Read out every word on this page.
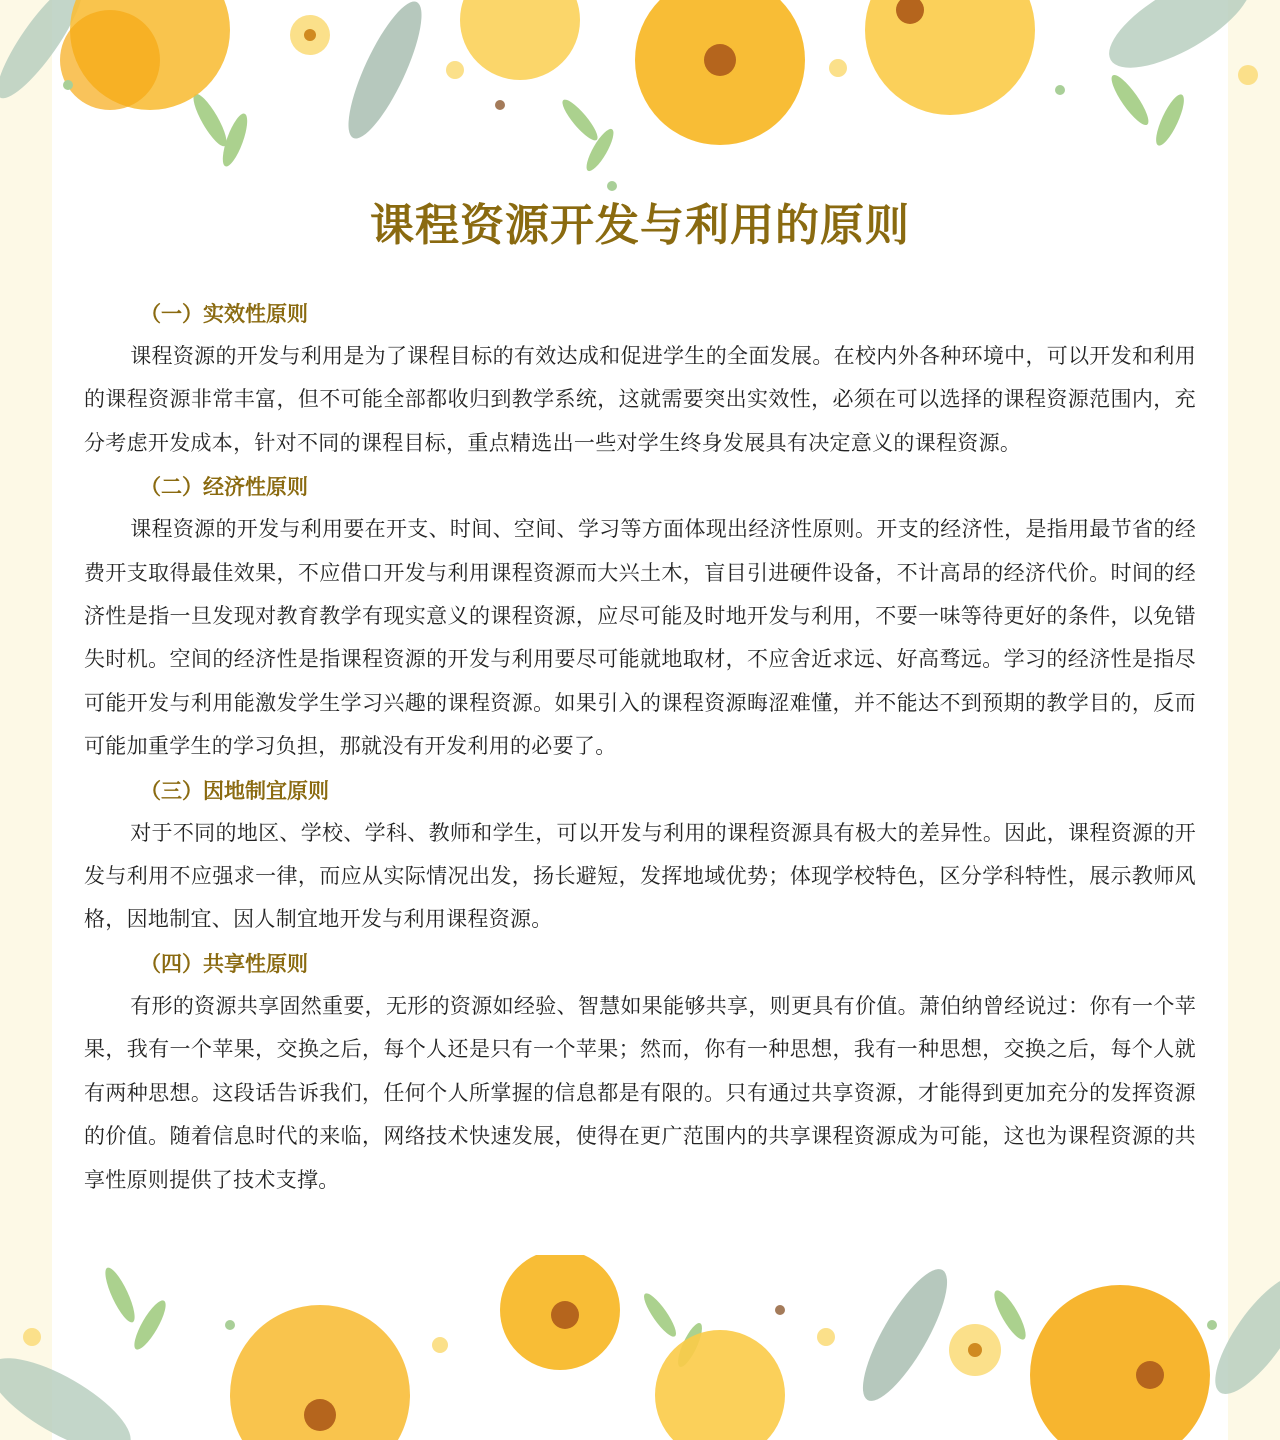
课程资源开发与利用的原则
（一）实效性原则

课程资源的开发与利用是为了课程目标的有效达成和促进学生的全面发展。在校内外各种环境中，可以开发和利用的课程资源非常丰富，但不可能全部都收归到教学系统，这就需要突出实效性，必须在可以选择的课程资源范围内，充分考虑开发成本，针对不同的课程目标，重点精选出一些对学生终身发展具有决定意义的课程资源。

（二）经济性原则

课程资源的开发与利用要在开支、时间、空间、学习等方面体现出经济性原则。开支的经济性，是指用最节省的经费开支取得最佳效果，不应借口开发与利用课程资源而大兴土木，盲目引进硬件设备，不计高昂的经济代价。时间的经济性是指一旦发现对教育教学有现实意义的课程资源，应尽可能及时地开发与利用，不要一味等待更好的条件，以免错失时机。空间的经济性是指课程资源的开发与利用要尽可能就地取材，不应舍近求远、好高骛远。学习的经济性是指尽可能开发与利用能激发学生学习兴趣的课程资源。如果引入的课程资源晦涩难懂，并不能达不到预期的教学目的，反而可能加重学生的学习负担，那就没有开发利用的必要了。

（三）因地制宜原则

对于不同的地区、学校、学科、教师和学生，可以开发与利用的课程资源具有极大的差异性。因此，课程资源的开发与利用不应强求一律，而应从实际情况出发，扬长避短，发挥地域优势；体现学校特色，区分学科特性，展示教师风格，因地制宜、因人制宜地开发与利用课程资源。

（四）共享性原则

有形的资源共享固然重要，无形的资源如经验、智慧如果能够共享，则更具有价值。萧伯纳曾经说过：你有一个苹果，我有一个苹果，交换之后，每个人还是只有一个苹果；然而，你有一种思想，我有一种思想，交换之后，每个人就有两种思想。这段话告诉我们，任何个人所掌握的信息都是有限的。只有通过共享资源，才能得到更加充分的发挥资源的价值。随着信息时代的来临，网络技术快速发展，使得在更广范围内的共享课程资源成为可能，这也为课程资源的共享性原则提供了技术支撑。
